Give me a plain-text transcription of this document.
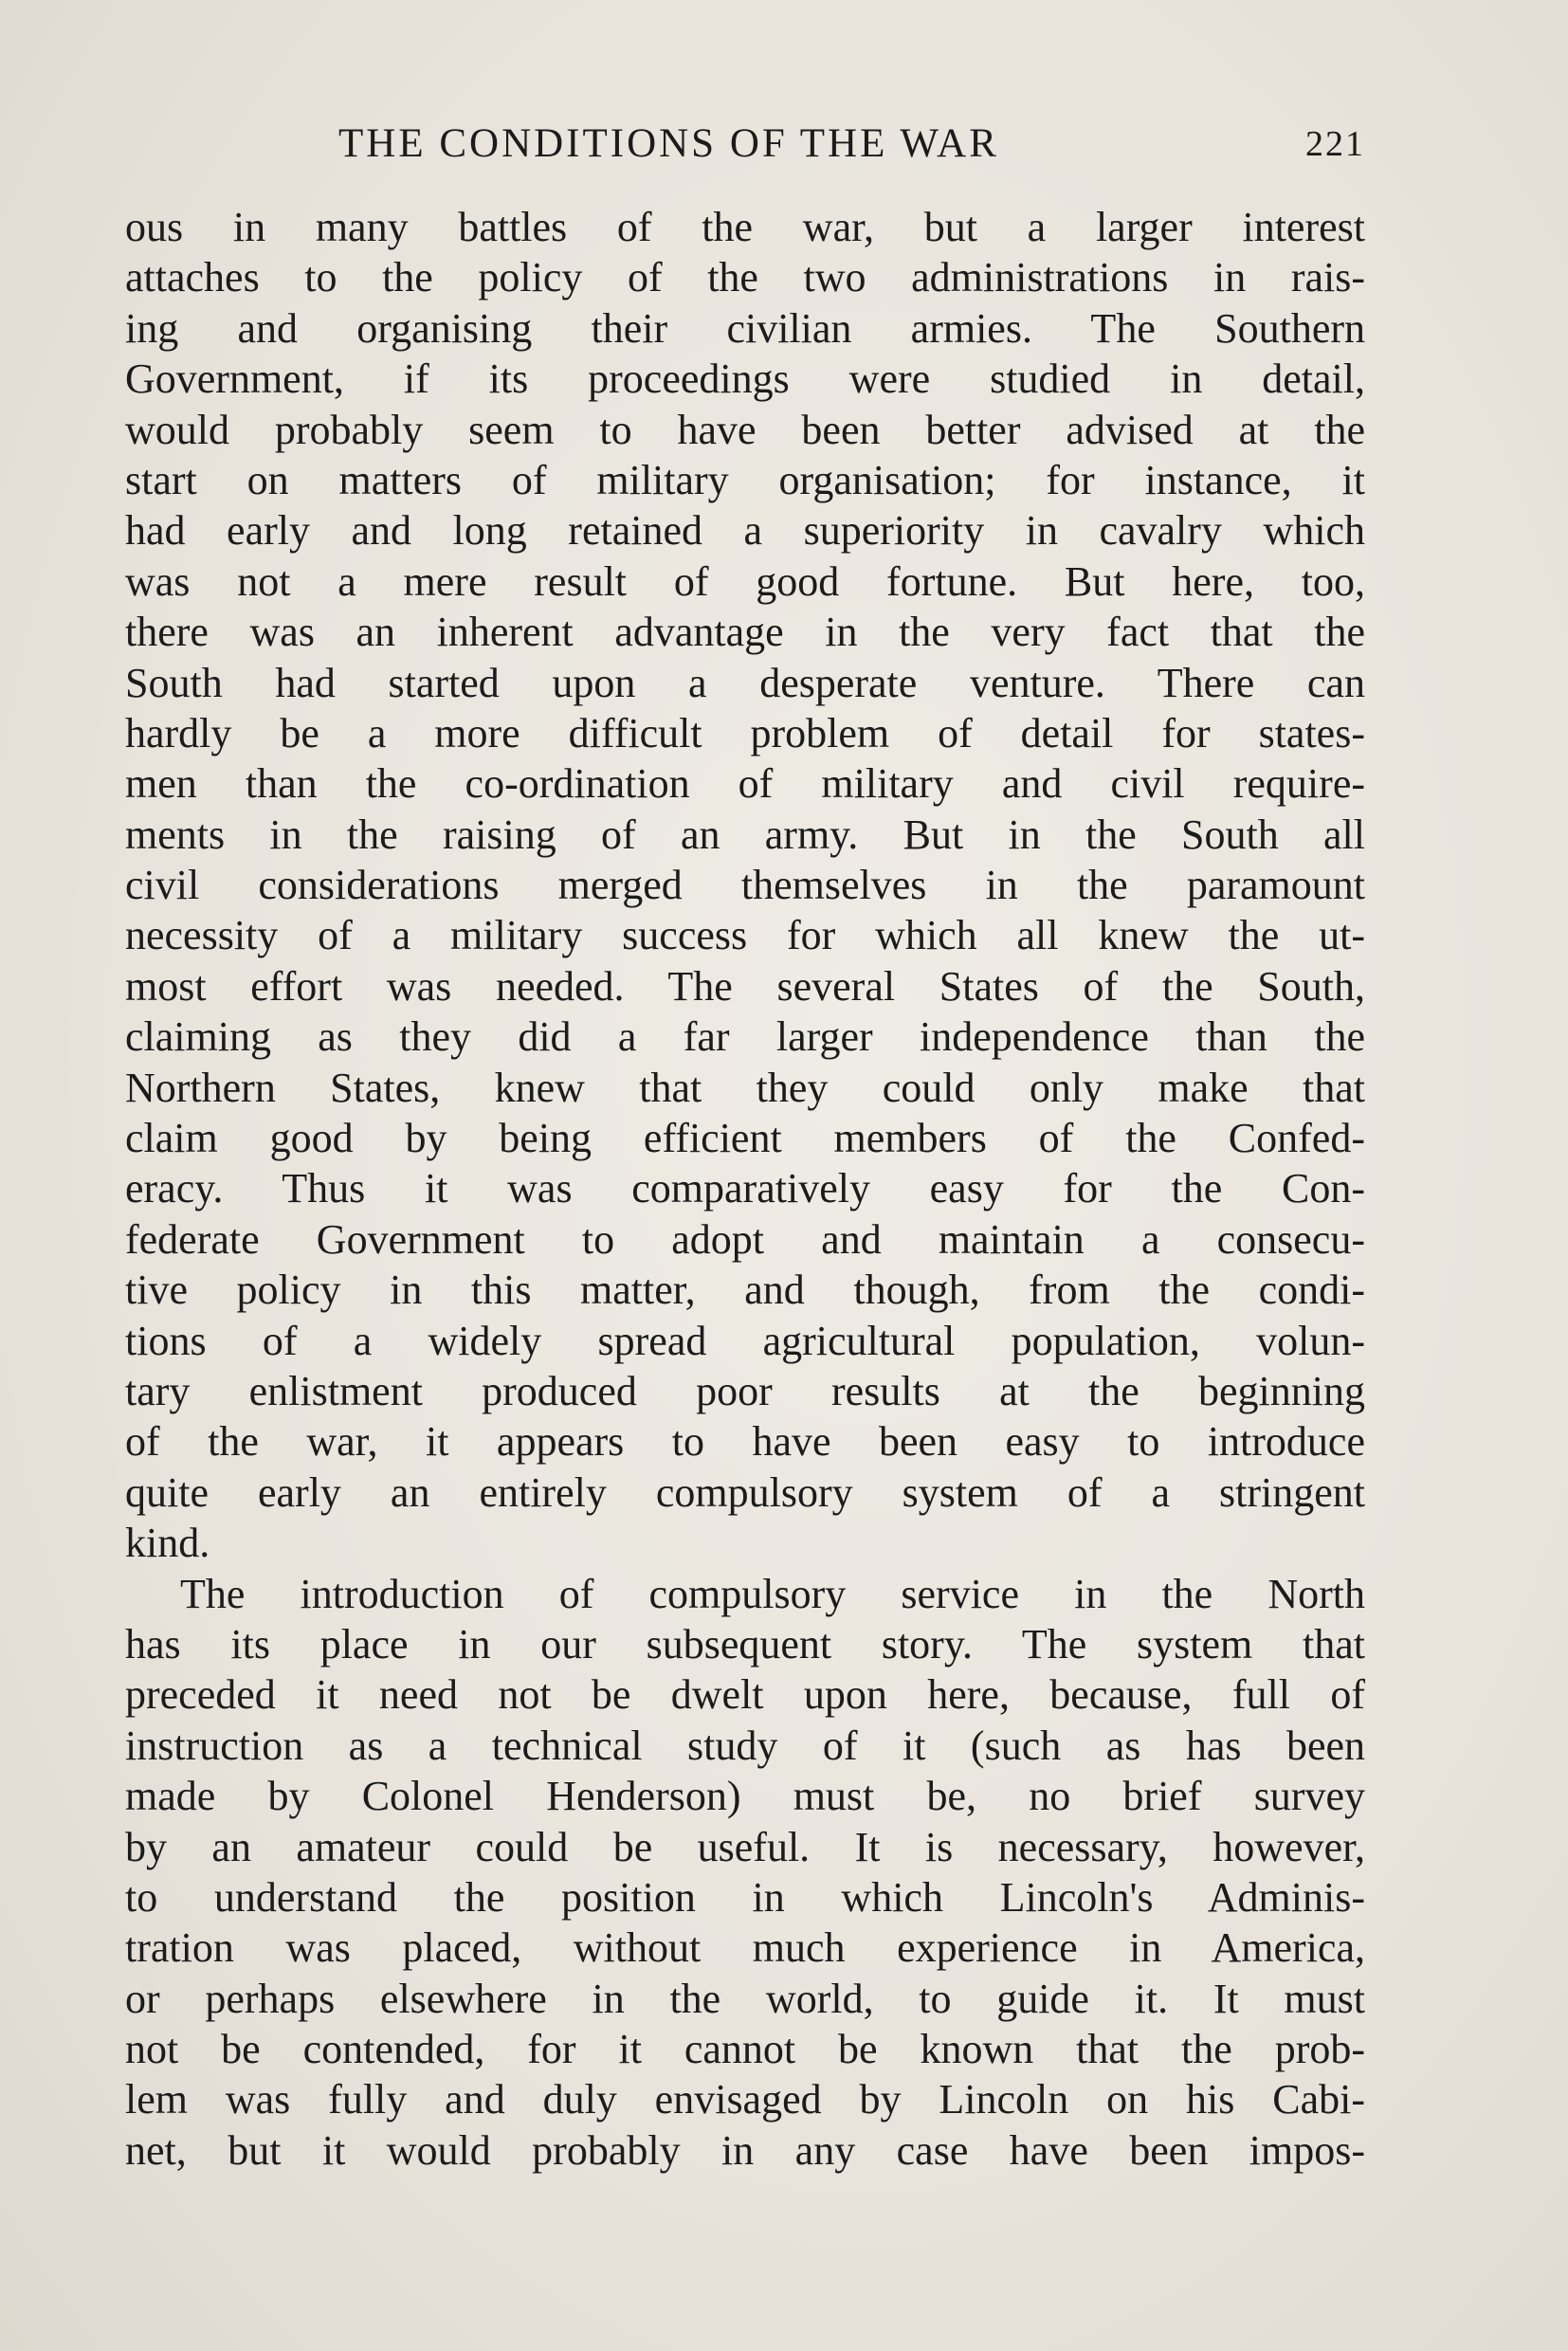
THE CONDITIONS OF THE WAR	221
ous in many battles of the war, but a larger interest
attaches to the policy of the two administrations in rais-
ing and organising their civilian armies. The Southern
Government, if its proceedings were studied in detail,
would probably seem to have been better advised at the
start on matters of military organisation; for instance, it
had early and long retained a superiority in cavalry which
was not a mere result of good fortune. But here, too,
there was an inherent advantage in the very fact that the
South had started upon a desperate venture. There can
hardly be a more difficult problem of detail for states-
men than the co-ordination of military and civil require-
ments in the raising of an army. But in the South all
civil considerations merged themselves in the paramount
necessity of a military success for which all knew the ut-
most effort was needed. The several States of the South,
claiming as they did a far larger independence than the
Northern States, knew that they could only make that
claim good by being efficient members of the Confed-
eracy. Thus it was comparatively easy for the Con-
federate Government to adopt and maintain a consecu-
tive policy in this matter, and though, from the condi-
tions of a widely spread agricultural population, volun-
tary enlistment produced poor results at the beginning
of the war, it appears to have been easy to introduce
quite early an entirely compulsory system of a stringent
kind.
The introduction of compulsory service in the North
has its place in our subsequent story. The system that
preceded it need not be dwelt upon here, because, full of
instruction as a technical study of it (such as has been
made by Colonel Henderson) must be, no brief survey
by an amateur could be useful. It is necessary, however,
to understand the position in which Lincoln's Adminis-
tration was placed, without much experience in America,
or perhaps elsewhere in the world, to guide it. It must
not be contended, for it cannot be known that the prob-
lem was fully and duly envisaged by Lincoln on his Cabi-
net, but it would probably in any case have been impos-
